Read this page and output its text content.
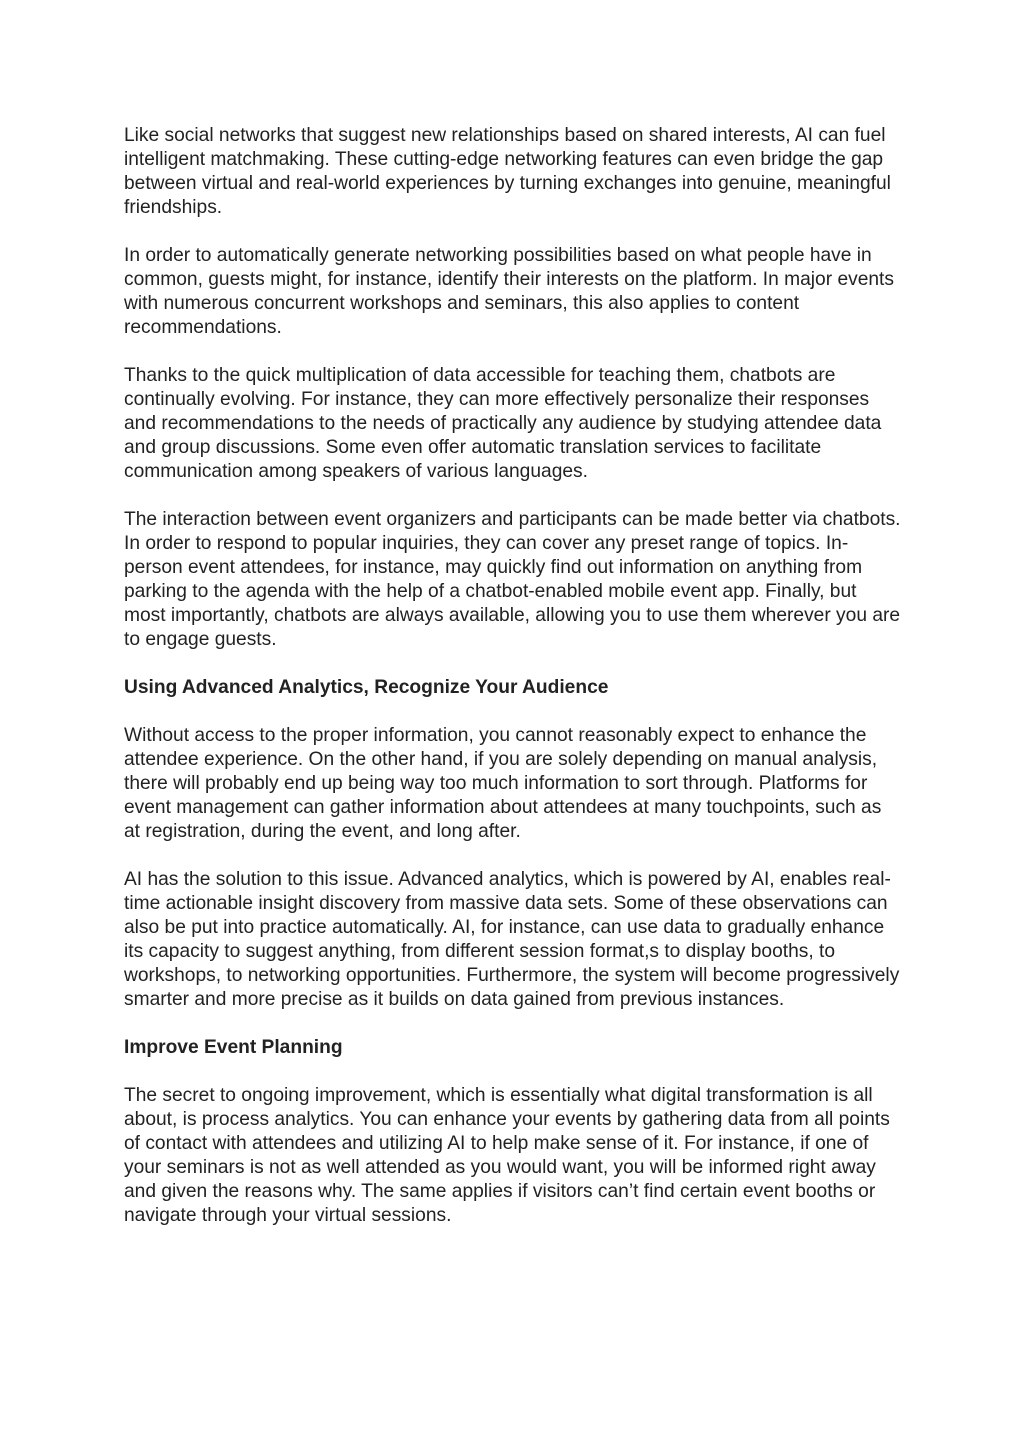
Like social networks that suggest new relationships based on shared interests, AI can fuel intelligent matchmaking. These cutting-edge networking features can even bridge the gap between virtual and real-world experiences by turning exchanges into genuine, meaningful friendships.

In order to automatically generate networking possibilities based on what people have in common, guests might, for instance, identify their interests on the platform. In major events with numerous concurrent workshops and seminars, this also applies to content recommendations.

Thanks to the quick multiplication of data accessible for teaching them, chatbots are continually evolving. For instance, they can more effectively personalize their responses and recommendations to the needs of practically any audience by studying attendee data and group discussions. Some even offer automatic translation services to facilitate communication among speakers of various languages.

The interaction between event organizers and participants can be made better via chatbots. In order to respond to popular inquiries, they can cover any preset range of topics. In-person event attendees, for instance, may quickly find out information on anything from parking to the agenda with the help of a chatbot-enabled mobile event app. Finally, but most importantly, chatbots are always available, allowing you to use them wherever you are to engage guests.

Using Advanced Analytics, Recognize Your Audience

Without access to the proper information, you cannot reasonably expect to enhance the attendee experience. On the other hand, if you are solely depending on manual analysis, there will probably end up being way too much information to sort through. Platforms for event management can gather information about attendees at many touchpoints, such as at registration, during the event, and long after.

AI has the solution to this issue. Advanced analytics, which is powered by AI, enables real-time actionable insight discovery from massive data sets. Some of these observations can also be put into practice automatically. AI, for instance, can use data to gradually enhance its capacity to suggest anything, from different session format,s to display booths, to workshops, to networking opportunities. Furthermore, the system will become progressively smarter and more precise as it builds on data gained from previous instances.

Improve Event Planning

The secret to ongoing improvement, which is essentially what digital transformation is all about, is process analytics. You can enhance your events by gathering data from all points of contact with attendees and utilizing AI to help make sense of it. For instance, if one of your seminars is not as well attended as you would want, you will be informed right away and given the reasons why. The same applies if visitors can’t find certain event booths or navigate through your virtual sessions.
